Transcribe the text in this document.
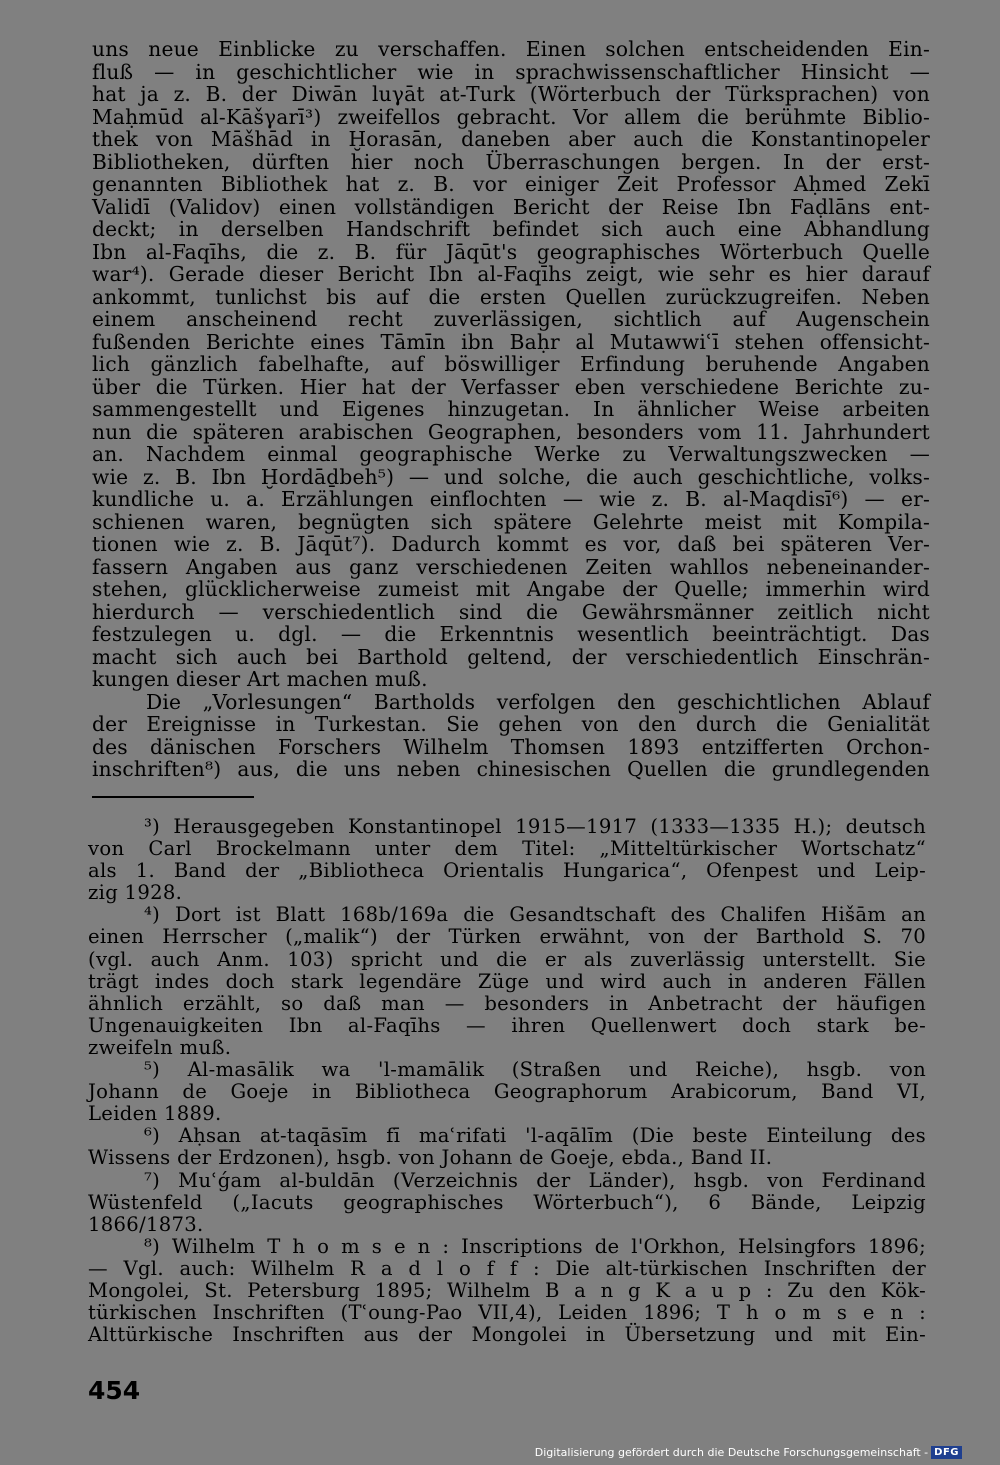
uns neue Einblicke zu verschaffen. Einen solchen entscheidenden Ein-
fluß — in geschichtlicher wie in sprachwissenschaftlicher Hinsicht —
hat ja z. B. der Diwān luγāt at-Turk (Wörterbuch der Türksprachen) von
Maḥmūd al-Kāšγarī³) zweifellos gebracht. Vor allem die berühmte Biblio-
thek von Māšhād in Ḫorasān, daneben aber auch die Konstantinopeler
Bibliotheken, dürften hier noch Überraschungen bergen. In der erst-
genannten Bibliothek hat z. B. vor einiger Zeit Professor Aḥmed Zekī
Validī (Validov) einen vollständigen Bericht der Reise Ibn Faḍlāns ent-
deckt; in derselben Handschrift befindet sich auch eine Abhandlung
Ibn al-Faqīhs, die z. B. für Jāqūt's geographisches Wörterbuch Quelle
war⁴). Gerade dieser Bericht Ibn al-Faqīhs zeigt, wie sehr es hier darauf
ankommt, tunlichst bis auf die ersten Quellen zurückzugreifen. Neben
einem anscheinend recht zuverlässigen, sichtlich auf Augenschein
fußenden Berichte eines Tāmīn ibn Baḥr al Mutawwiʿī stehen offensicht-
lich gänzlich fabelhafte, auf böswilliger Erfindung beruhende Angaben
über die Türken. Hier hat der Verfasser eben verschiedene Berichte zu-
sammengestellt und Eigenes hinzugetan. In ähnlicher Weise arbeiten
nun die späteren arabischen Geographen, besonders vom 11. Jahrhundert
an. Nachdem einmal geographische Werke zu Verwaltungszwecken —
wie z. B. Ibn Ḫordāḏbeh⁵) — und solche, die auch geschichtliche, volks-
kundliche u. a. Erzählungen einflochten — wie z. B. al-Maqdisī⁶) — er-
schienen waren, begnügten sich spätere Gelehrte meist mit Kompila-
tionen wie z. B. Jāqūt⁷). Dadurch kommt es vor, daß bei späteren Ver-
fassern Angaben aus ganz verschiedenen Zeiten wahllos nebeneinander-
stehen, glücklicherweise zumeist mit Angabe der Quelle; immerhin wird
hierdurch — verschiedentlich sind die Gewährsmänner zeitlich nicht
festzulegen u. dgl. — die Erkenntnis wesentlich beeinträchtigt. Das
macht sich auch bei Barthold geltend, der verschiedentlich Einschrän-
kungen dieser Art machen muß.
Die „Vorlesungen“ Bartholds verfolgen den geschichtlichen Ablauf
der Ereignisse in Turkestan. Sie gehen von den durch die Genialität
des dänischen Forschers Wilhelm Thomsen 1893 entzifferten Orchon-
inschriften⁸) aus, die uns neben chinesischen Quellen die grundlegenden
³) Herausgegeben Konstantinopel 1915—1917 (1333—1335 H.); deutsch
von Carl Brockelmann unter dem Titel: „Mitteltürkischer Wortschatz“
als 1. Band der „Bibliotheca Orientalis Hungarica“, Ofenpest und Leip-
zig 1928.
⁴) Dort ist Blatt 168b/169a die Gesandtschaft des Chalifen Hišām an
einen Herrscher („malik“) der Türken erwähnt, von der Barthold S. 70
(vgl. auch Anm. 103) spricht und die er als zuverlässig unterstellt. Sie
trägt indes doch stark legendäre Züge und wird auch in anderen Fällen
ähnlich erzählt, so daß man — besonders in Anbetracht der häufigen
Ungenauigkeiten Ibn al-Faqīhs — ihren Quellenwert doch stark be-
zweifeln muß.
⁵) Al-masālik wa 'l-mamālik (Straßen und Reiche), hsgb. von
Johann de Goeje in Bibliotheca Geographorum Arabicorum, Band VI,
Leiden 1889.
⁶) Aḥsan at-taqāsīm fī maʿrifati 'l-aqālīm (Die beste Einteilung des
Wissens der Erdzonen), hsgb. von Johann de Goeje, ebda., Band II.
⁷) Muʿǵam al-buldān (Verzeichnis der Länder), hsgb. von Ferdinand
Wüstenfeld („Iacuts geographisches Wörterbuch“), 6 Bände, Leipzig
1866/1873.
⁸) Wilhelm T h o m s e n : Inscriptions de l'Orkhon, Helsingfors 1896;
— Vgl. auch: Wilhelm R a d l o f f : Die alt-türkischen Inschriften der
Mongolei, St. Petersburg 1895; Wilhelm B a n g K a u p : Zu den Kök-
türkischen Inschriften (Tʿoung-Pao VII,4), Leiden 1896; T h o m s e n :
Alttürkische Inschriften aus der Mongolei in Übersetzung und mit Ein-
454
Digitalisierung gefördert durch die Deutsche Forschungsgemeinschaft - DFG
